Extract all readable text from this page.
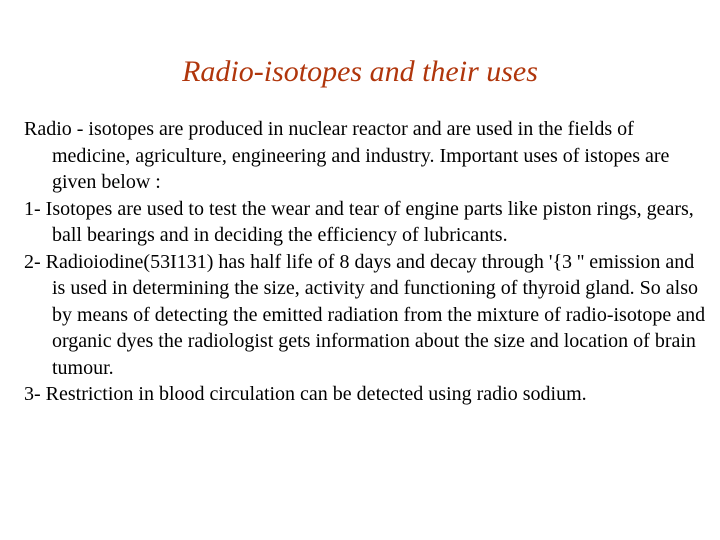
Radio-isotopes and their uses

Radio - isotopes are produced in nuclear reactor and are used in the fields of medicine, agriculture, engineering and industry. Important uses of istopes are given below :

1- Isotopes are used to test the wear and tear of engine parts like piston rings, gears, ball bearings and in deciding the efficiency of lubricants.

2- Radioiodine(53I131) has half life of 8 days and decay through '{3 '' emission and is used in determining the size, activity and functioning of thyroid gland. So also by means of detecting the emitted radiation from the mixture of radio-isotope and organic dyes the radiologist gets information about the size and location of brain tumour.

3- Restriction in blood circulation can be detected using radio sodium.
